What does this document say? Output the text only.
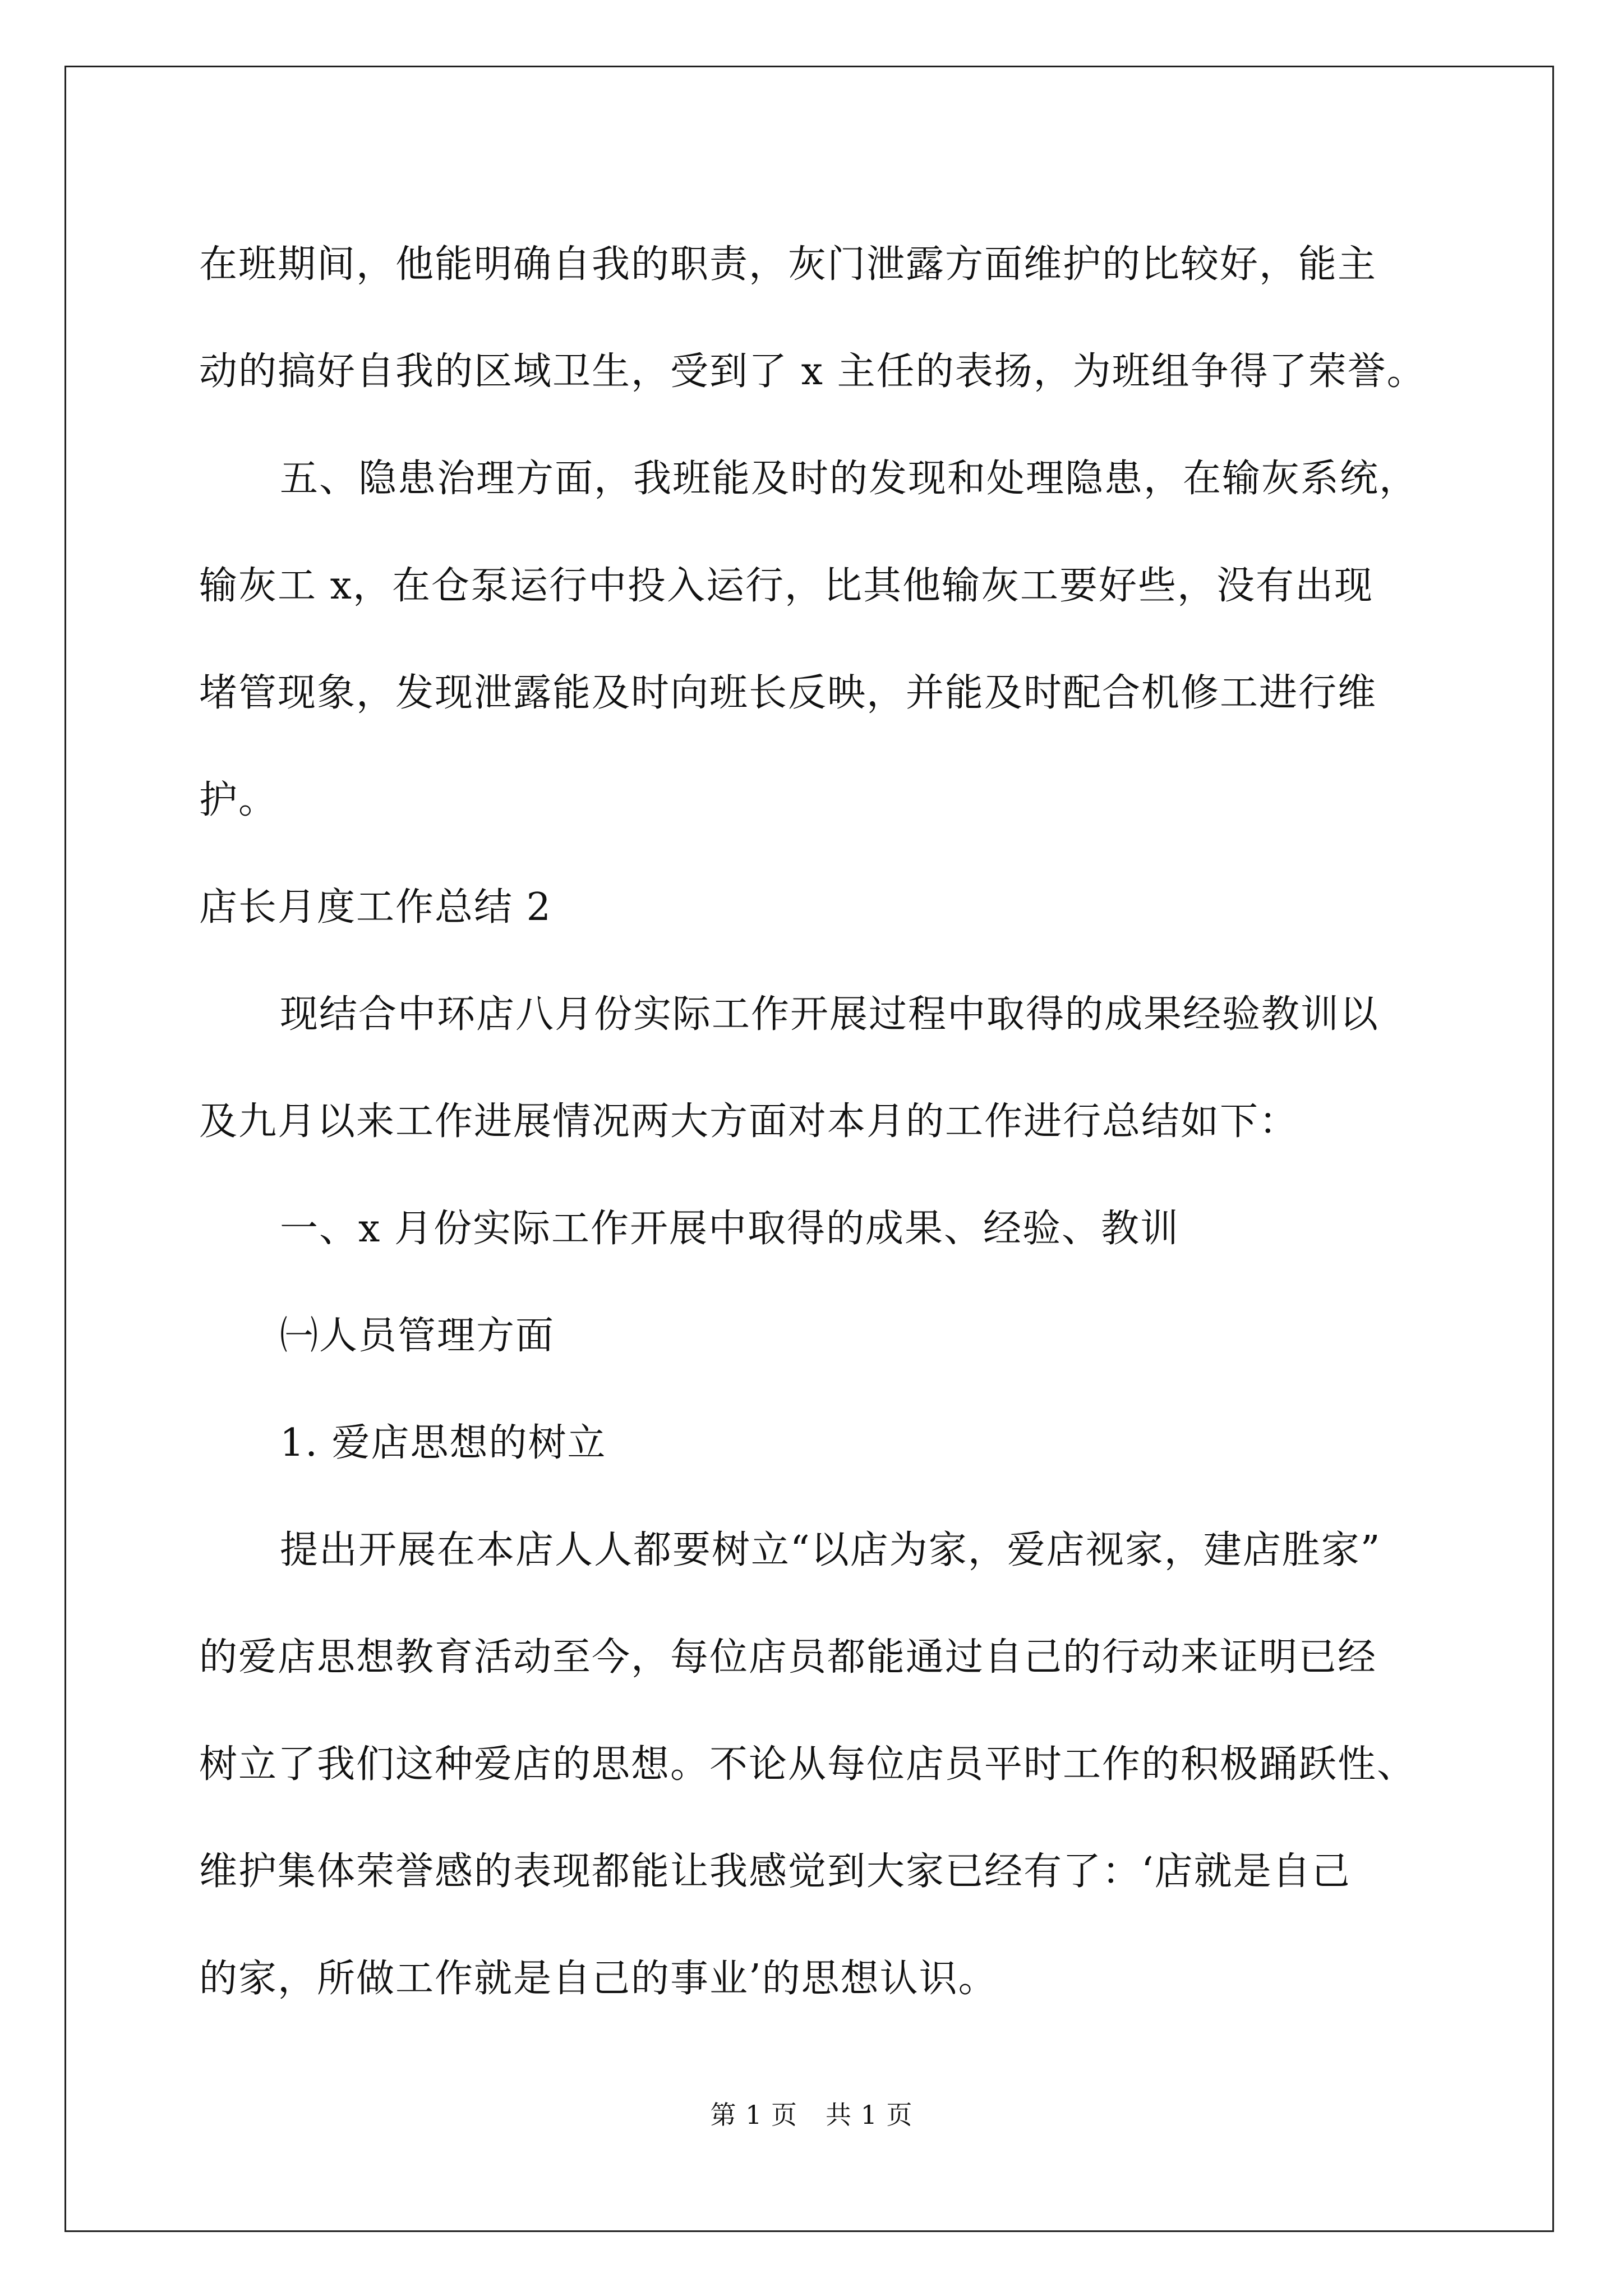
在班期间，他能明确自我的职责，灰门泄露方面维护的比较好，能主
动的搞好自我的区域卫生，受到了 x 主任的表扬，为班组争得了荣誉。
五、隐患治理方面，我班能及时的发现和处理隐患，在输灰系统，
输灰工 x，在仓泵运行中投入运行，比其他输灰工要好些，没有出现
堵管现象，发现泄露能及时向班长反映，并能及时配合机修工进行维
护。
店长月度工作总结 2
现结合中环店八月份实际工作开展过程中取得的成果经验教训以
及九月以来工作进展情况两大方面对本月的工作进行总结如下：
一、x 月份实际工作开展中取得的成果、经验、教训
㈠人员管理方面
1. 爱店思想的树立
提出开展在本店人人都要树立“以店为家，爱店视家，建店胜家”
的爱店思想教育活动至今，每位店员都能通过自己的行动来证明已经
树立了我们这种爱店的思想。不论从每位店员平时工作的积极踊跃性、
维护集体荣誉感的表现都能让我感觉到大家已经有了：‘店就是自己
的家，所做工作就是自己的事业’的思想认识。
第 1 页 共 1 页
